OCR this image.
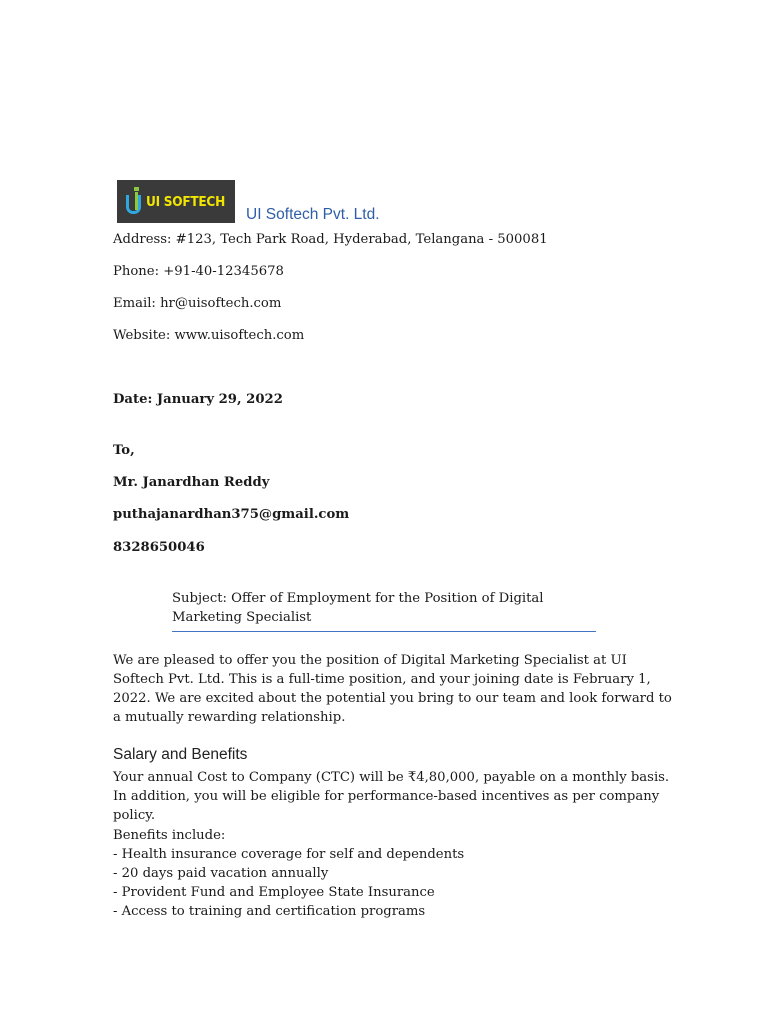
UI SOFTECH
UI Softech Pvt. Ltd.
Address: #123, Tech Park Road, Hyderabad, Telangana - 500081
Phone: +91-40-12345678
Email: hr@uisoftech.com
Website: www.uisoftech.com
Date: January 29, 2022
To,
Mr. Janardhan Reddy
puthajanardhan375@gmail.com
8328650046
Subject: Offer of Employment for the Position of Digital Marketing Specialist
We are pleased to offer you the position of Digital Marketing Specialist at UI Softech Pvt. Ltd. This is a full-time position, and your joining date is February 1, 2022. We are excited about the potential you bring to our team and look forward to a mutually rewarding relationship.
Salary and Benefits
Your annual Cost to Company (CTC) will be ₹4,80,000, payable on a monthly basis. In addition, you will be eligible for performance-based incentives as per company policy.
Benefits include:
- Health insurance coverage for self and dependents
- 20 days paid vacation annually
- Provident Fund and Employee State Insurance
- Access to training and certification programs
